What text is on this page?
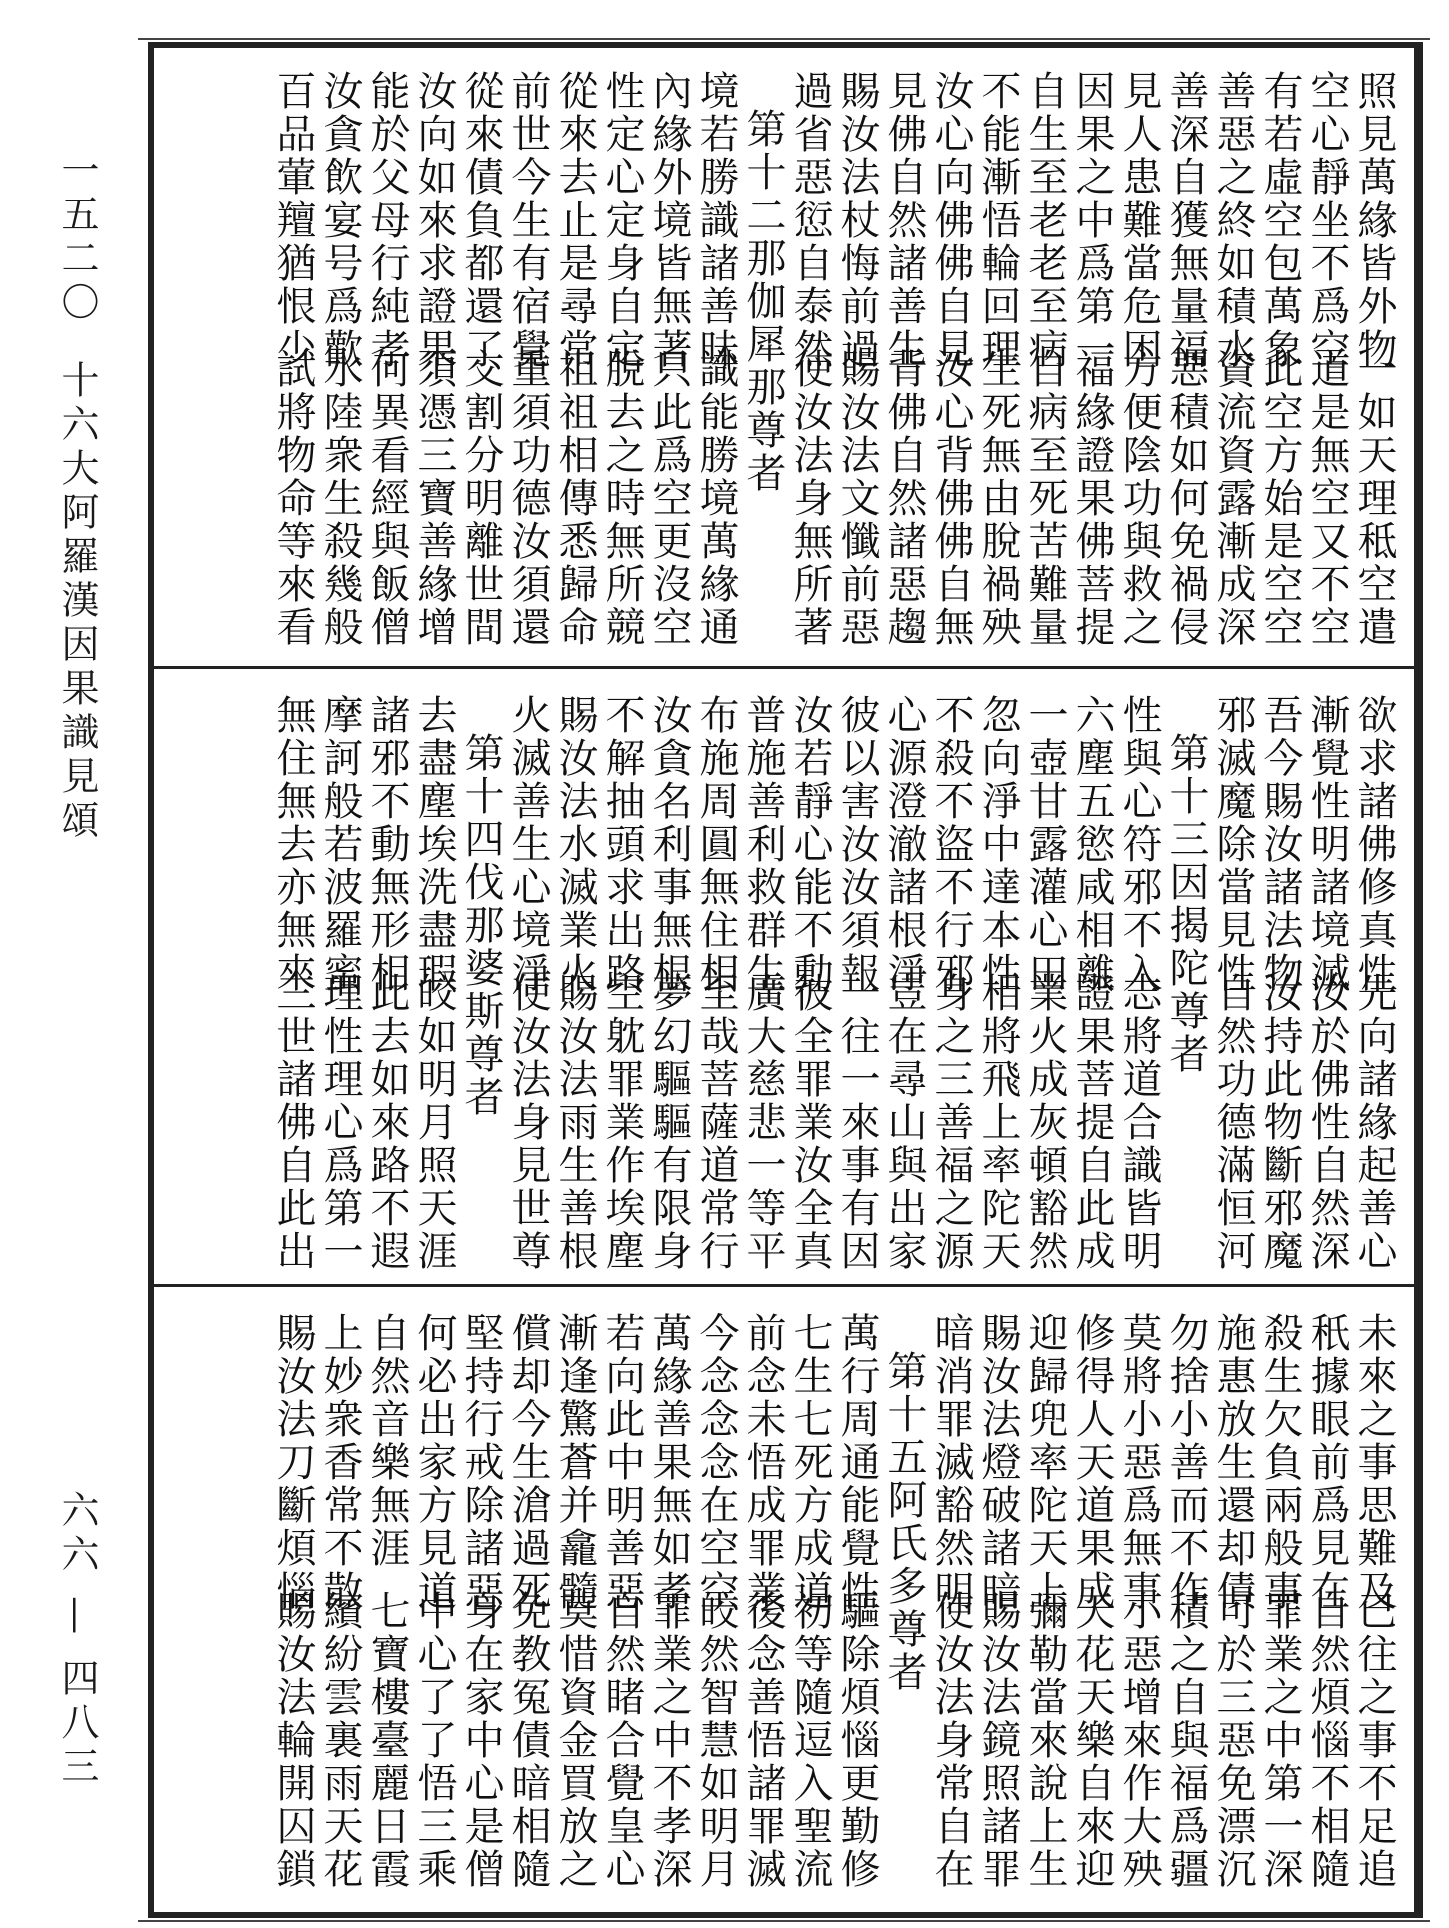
一五二〇
十六大阿羅漢因果識見頌
六六 — 四八三
照見萬緣皆外物
一如天理秪空遣
空心靜坐不爲空
道是無空又不空
有若虛空包萬象
此空方始是空空
善惡之終如積水
資流資露漸成深
善深自獲無量福
惡積如何免禍侵
見人患難當危困
方便陰功與救之
因果之中爲第一
福緣證果佛菩提
自生至老老至病
自病至死苦難量
不能漸悟輪回理
生死無由脫禍殃
汝心向佛佛自見
汝心背佛佛自無
見佛自然諸善生
背佛自然諸惡趨
賜汝法杖悔前過
賜汝法文懺前惡
過省惡愆自泰然
使汝法身無所著
第十二那伽犀那尊者
境若勝識諸善昧
識能勝境萬緣通
內緣外境皆無著
只此爲空更沒空
性定心定身自定
脫去之時無所競
從來去止是尋常
祖祖相傳悉歸命
前世今生有宿覺
重須功德汝須還
從來債負都還了
交割分明離世間
汝向如來求證果
須憑三寶善緣增
能於父母行純孝
何異看經與飯僧
汝貪飲宴号爲歡
水陸衆生殺幾般
百品葷羶猶恨少
試將物命等來看
欲求諸佛修真性
先向諸緣起善心
漸覺性明諸境滅
汝於佛性自然深
吾今賜汝諸法物
汝持此物斷邪魔
邪滅魔除當見性
自然功德滿恒河
第十三因揭陀尊者
性與心符邪不入
志將道合識皆明
六塵五慾咸相離
證果菩提自此成
一壺甘露灌心田
業火成灰頓豁然
忽向淨中達本性
相將飛上率陀天
不殺不盜不行邪
身之三善福之源
心源澄澈諸根淨
豈在尋山與出家
彼以害汝汝須報
一往一來事有因
汝若靜心能不動
彼全罪業汝全真
普施善利救群生
廣大慈悲一等平
布施周圓無住相
至哉菩薩道常行
汝貪名利事無根
夢幻驅驅有限身
不解抽頭求出路
空躭罪業作埃塵
賜汝法水滅業火
賜汝法雨生善根
火滅善生心境淨
使汝法身見世尊
第十四伐那婆斯尊者
去盡塵埃洗盡瑕
皎如明月照天涯
諸邪不動無形相
此去如來路不遐
摩訶般若波羅蜜
理性理心爲第一
無住無去亦無來
三世諸佛自此出
未來之事思難及
已往之事不足追
秖據眼前爲見在
自然煩惱不相隨
殺生欠負兩般事
罪業之中第一深
施惠放生還却債
可於三惡免漂沉
勿捨小善而不作
積之自與福爲疆
莫將小惡爲無事
小惡增來作大殃
修得人天道果成
天花天樂自來迎
迎歸兜率陀天上
彌勒當來說上生
賜汝法燈破諸暗
賜汝法鏡照諸罪
暗消罪滅豁然明
使汝法身常自在
第十五阿氏多尊者
萬行周通能覺性
驅除煩惱更勤修
七生七死方成道
初等隨逗入聖流
前念未悟成罪業
後念善悟諸罪滅
今念念念在空空
皎然智慧如明月
萬緣善果無如孝
罪業之中不孝深
若向此中明善惡
自然睹合覺皇心
漸逢驚蒼并龕髓
莫惜資金買放之
償却今生滄過死
免教冤債暗相隨
堅持行戒除諸惡
身在家中心是僧
何必出家方見道
中心了了悟三乘
自然音樂無涯
七寶樓臺麗日霞
上妙衆香常不散
繽紛雲裏雨天花
賜汝法刀斷煩惱
賜汝法輪開囚鎖
